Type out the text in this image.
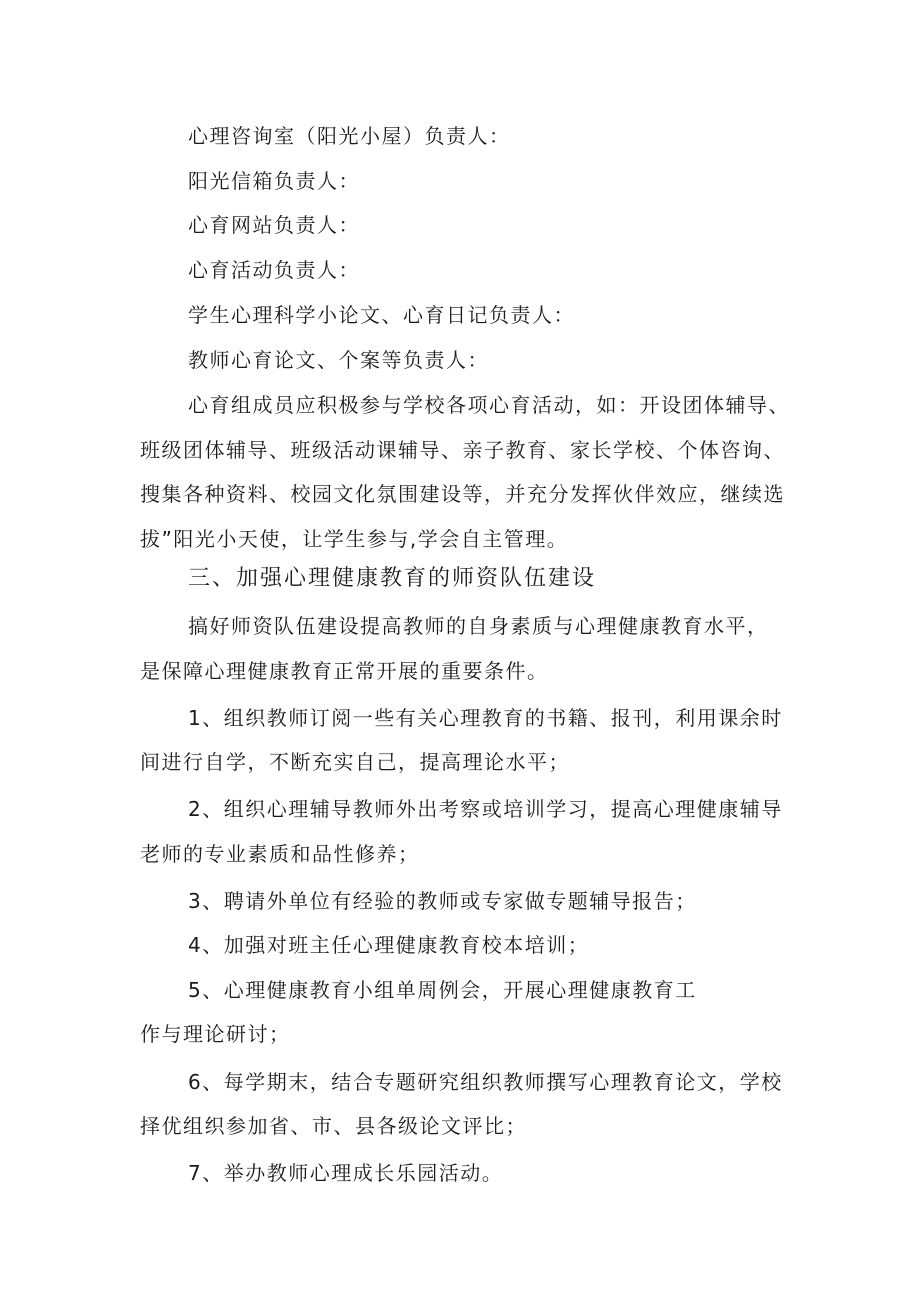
心理咨询室（阳光小屋）负责人：
阳光信箱负责人：
心育网站负责人：
心育活动负责人：
学生心理科学小论文、心育日记负责人：
教师心育论文、个案等负责人：
心育组成员应积极参与学校各项心育活动，如：开设团体辅导、
班级团体辅导、班级活动课辅导、亲子教育、家长学校、个体咨询、
搜集各种资料、校园文化氛围建设等，并充分发挥伙伴效应，继续选
拔”阳光小天使，让学生参与,学会自主管理。
三、加强心理健康教育的师资队伍建设
搞好师资队伍建设提高教师的自身素质与心理健康教育水平，
是保障心理健康教育正常开展的重要条件。
1、组织教师订阅一些有关心理教育的书籍、报刊，利用课余时
间进行自学，不断充实自己，提高理论水平；
2、组织心理辅导教师外出考察或培训学习，提高心理健康辅导
老师的专业素质和品性修养；
3、聘请外单位有经验的教师或专家做专题辅导报告；
4、加强对班主任心理健康教育校本培训；
5、心理健康教育小组单周例会，开展心理健康教育工
作与理论研讨；
6、每学期末，结合专题研究组织教师撰写心理教育论文，学校
择优组织参加省、市、县各级论文评比；
7、举办教师心理成长乐园活动。
